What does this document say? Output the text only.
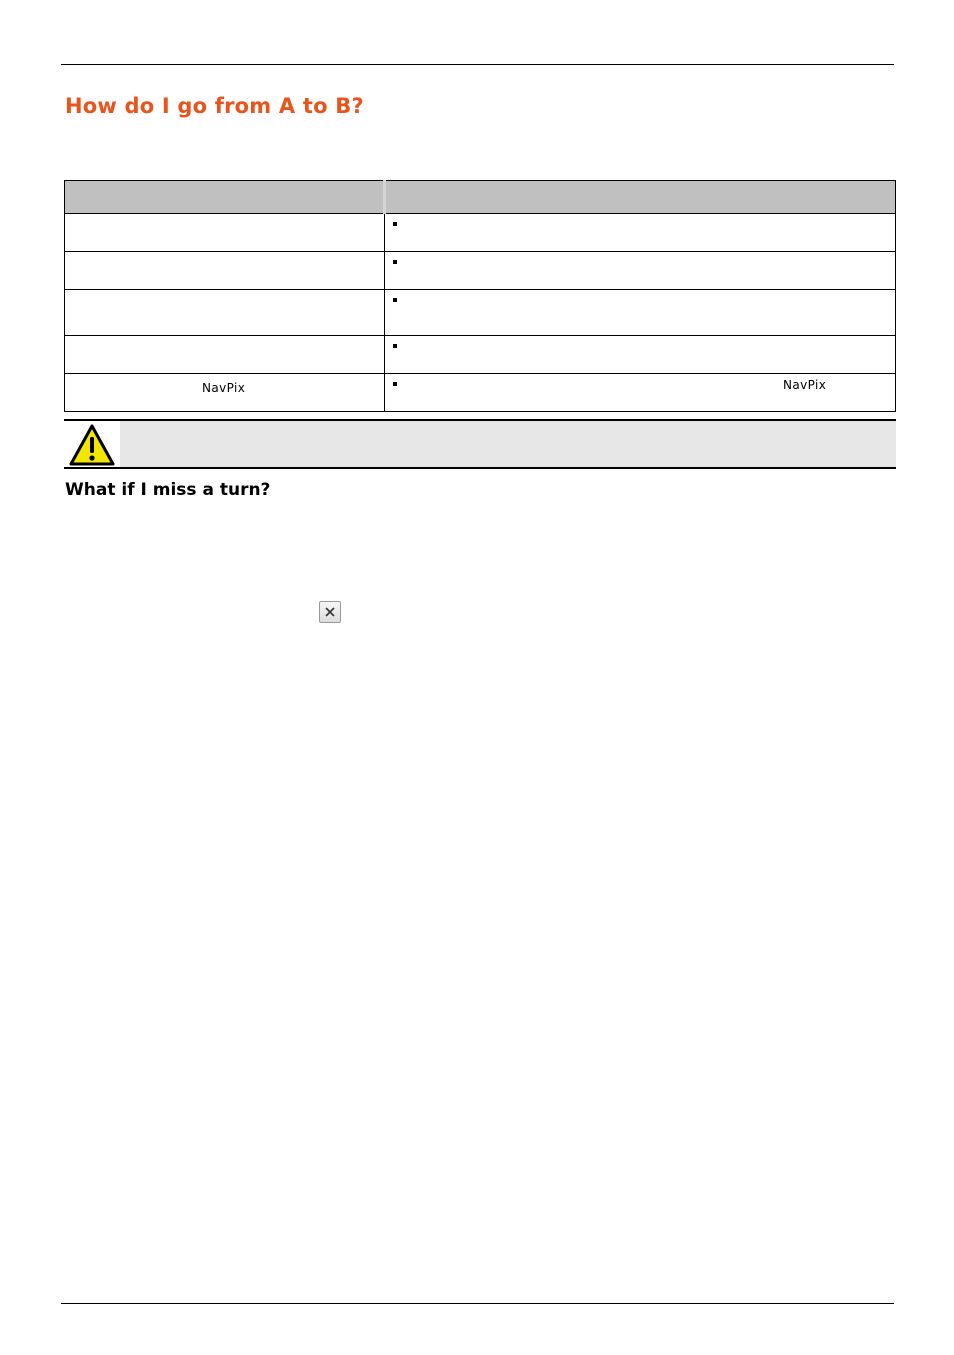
How do I go from A to B?

NavPix	NavPix
What if I miss a turn?
